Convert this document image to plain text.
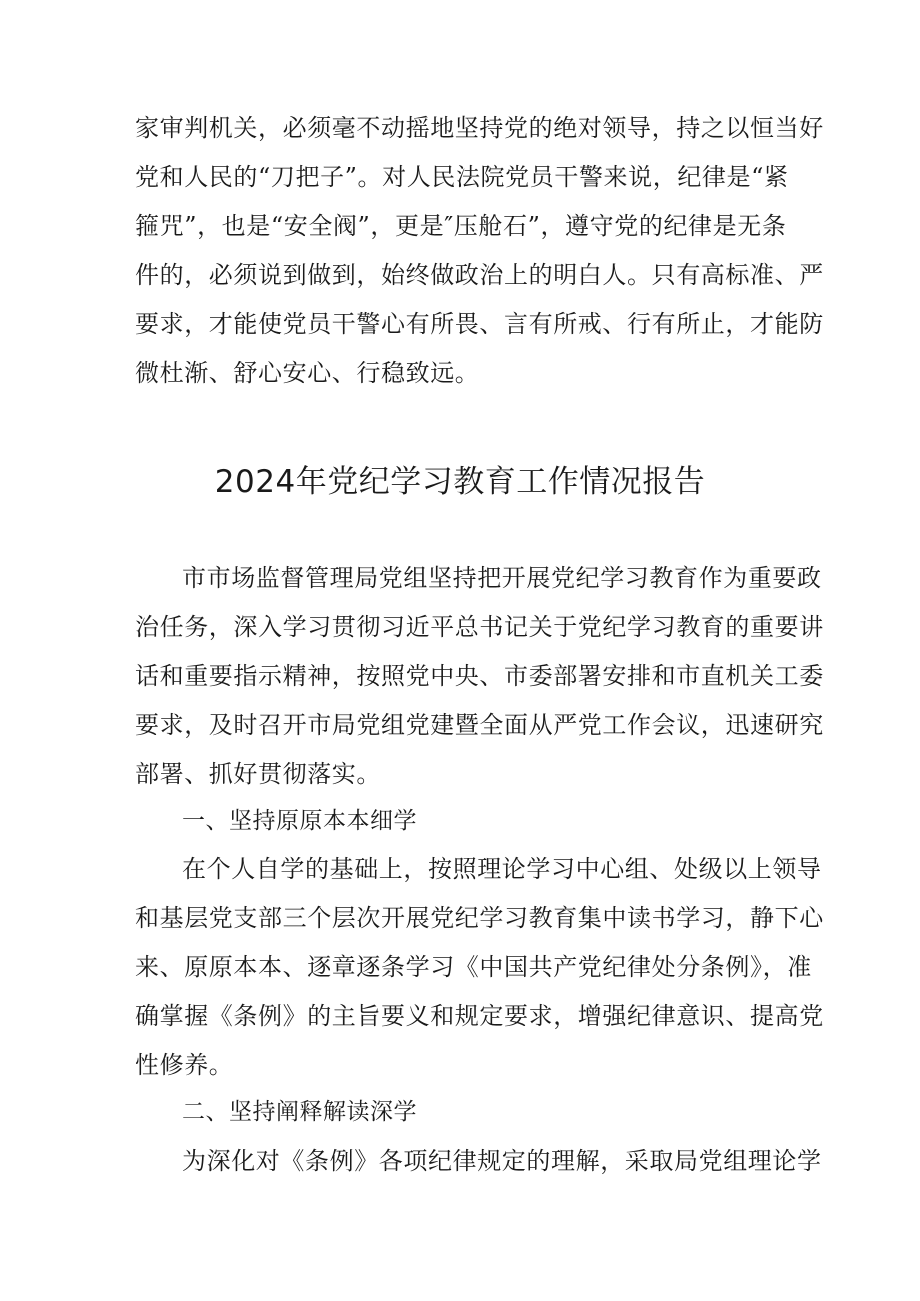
家审判机关，必须毫不动摇地坚持党的绝对领导，持之以恒当好
党和人民的“刀把子”。对人民法院党员干警来说，纪律是“紧
箍咒”，也是“安全阀”，更是″压舱石”，遵守党的纪律是无条
件的，必须说到做到，始终做政治上的明白人。只有高标准、严
要求，才能使党员干警心有所畏、言有所戒、行有所止，才能防
微杜渐、舒心安心、行稳致远。
2024年党纪学习教育工作情况报告
市市场监督管理局党组坚持把开展党纪学习教育作为重要政
治任务，深入学习贯彻习近平总书记关于党纪学习教育的重要讲
话和重要指示精神，按照党中央、市委部署安排和市直机关工委
要求，及时召开市局党组党建暨全面从严党工作会议，迅速研究
部署、抓好贯彻落实。
一、坚持原原本本细学
在个人自学的基础上，按照理论学习中心组、处级以上领导
和基层党支部三个层次开展党纪学习教育集中读书学习，静下心
来、原原本本、逐章逐条学习《中国共产党纪律处分条例》，准
确掌握《条例》的主旨要义和规定要求，增强纪律意识、提高党
性修养。
二、坚持阐释解读深学
为深化对《条例》各项纪律规定的理解，采取局党组理论学
